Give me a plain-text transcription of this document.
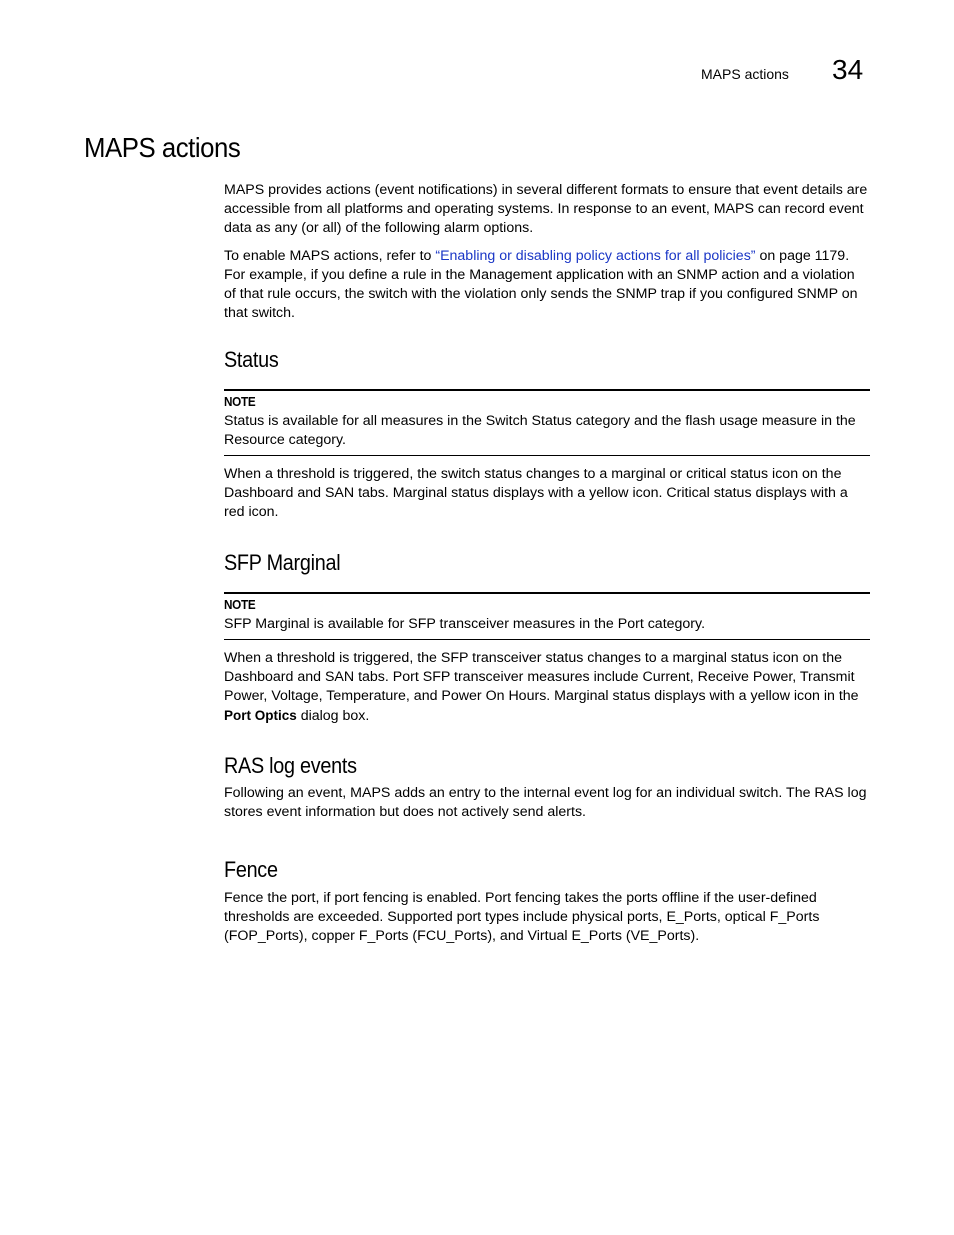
MAPS actions 34
MAPS actions

MAPS provides actions (event notifications) in several different formats to ensure that event details are accessible from all platforms and operating systems. In response to an event, MAPS can record event data as any (or all) of the following alarm options.

To enable MAPS actions, refer to “Enabling or disabling policy actions for all policies” on page 1179. For example, if you define a rule in the Management application with an SNMP action and a violation of that rule occurs, the switch with the violation only sends the SNMP trap if you configured SNMP on that switch.

Status
NOTE

Status is available for all measures in the Switch Status category and the flash usage measure in the Resource category.

When a threshold is triggered, the switch status changes to a marginal or critical status icon on the Dashboard and SAN tabs. Marginal status displays with a yellow icon. Critical status displays with a red icon.

SFP Marginal
NOTE

SFP Marginal is available for SFP transceiver measures in the Port category.

When a threshold is triggered, the SFP transceiver status changes to a marginal status icon on the Dashboard and SAN tabs. Port SFP transceiver measures include Current, Receive Power, Transmit Power, Voltage, Temperature, and Power On Hours. Marginal status displays with a yellow icon in the Port Optics dialog box.

RAS log events

Following an event, MAPS adds an entry to the internal event log for an individual switch. The RAS log stores event information but does not actively send alerts.

Fence

Fence the port, if port fencing is enabled. Port fencing takes the ports offline if the user-defined thresholds are exceeded. Supported port types include physical ports, E_Ports, optical F_Ports (FOP_Ports), copper F_Ports (FCU_Ports), and Virtual E_Ports (VE_Ports).
